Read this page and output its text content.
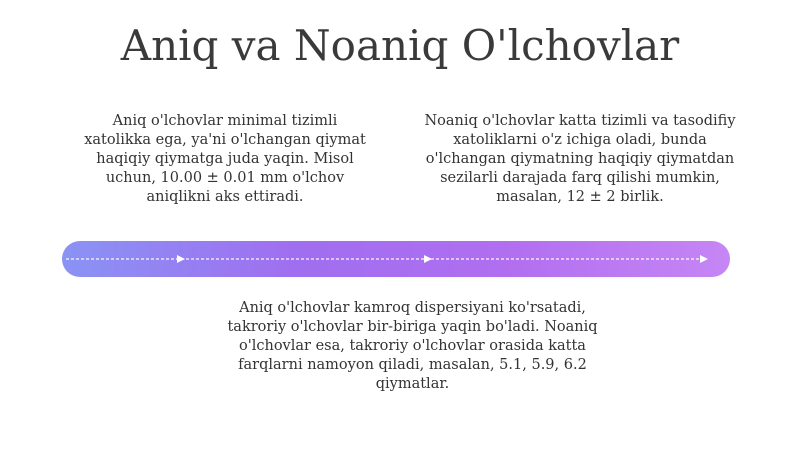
Aniq va Noaniq O'lchovlar

Aniq o'lchovlar minimal tizimli xatolikka ega, ya'ni o'lchangan qiymat haqiqiy qiymatga juda yaqin. Misol uchun, 10.00 ± 0.01 mm o'lchov aniqlikni aks ettiradi.

Noaniq o'lchovlar katta tizimli va tasodifiy xatoliklarni o'z ichiga oladi, bunda o'lchangan qiymatning haqiqiy qiymatdan sezilarli darajada farq qilishi mumkin, masalan, 12 ± 2 birlik.

Aniq o'lchovlar kamroq dispersiyani ko'rsatadi, takroriy o'lchovlar bir-biriga yaqin bo'ladi. Noaniq o'lchovlar esa, takroriy o'lchovlar orasida katta farqlarni namoyon qiladi, masalan, 5.1, 5.9, 6.2 qiymatlar.
